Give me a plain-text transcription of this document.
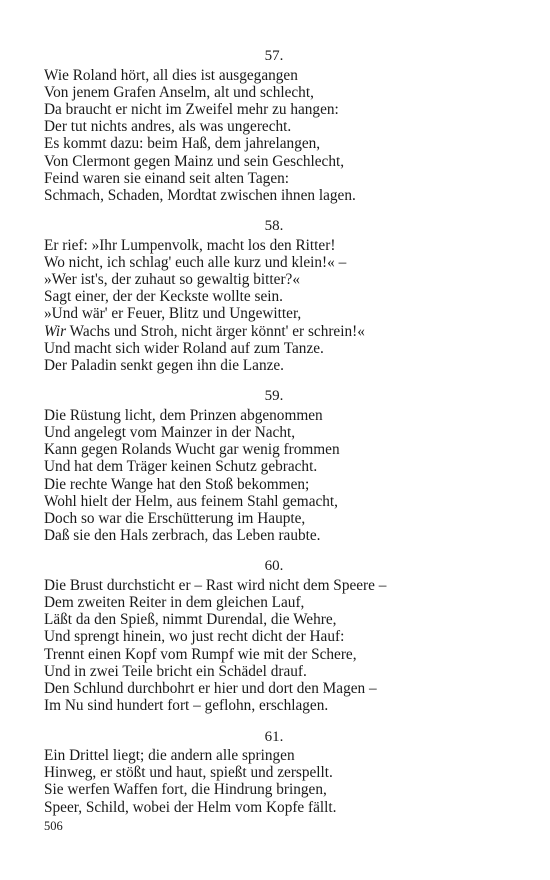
57.
Wie Roland hört, all dies ist ausgegangen
Von jenem Grafen Anselm, alt und schlecht,
Da braucht er nicht im Zweifel mehr zu hangen:
Der tut nichts andres, als was ungerecht.
Es kommt dazu: beim Haß, dem jahrelangen,
Von Clermont gegen Mainz und sein Geschlecht,
Feind waren sie einand seit alten Tagen:
Schmach, Schaden, Mordtat zwischen ihnen lagen.
58.
Er rief: »Ihr Lumpenvolk, macht los den Ritter!
Wo nicht, ich schlag' euch alle kurz und klein!« –
»Wer ist's, der zuhaut so gewaltig bitter?«
Sagt einer, der der Keckste wollte sein.
»Und wär' er Feuer, Blitz und Ungewitter,
Wir Wachs und Stroh, nicht ärger könnt' er schrein!«
Und macht sich wider Roland auf zum Tanze.
Der Paladin senkt gegen ihn die Lanze.
59.
Die Rüstung licht, dem Prinzen abgenommen
Und angelegt vom Mainzer in der Nacht,
Kann gegen Rolands Wucht gar wenig frommen
Und hat dem Träger keinen Schutz gebracht.
Die rechte Wange hat den Stoß bekommen;
Wohl hielt der Helm, aus feinem Stahl gemacht,
Doch so war die Erschütterung im Haupte,
Daß sie den Hals zerbrach, das Leben raubte.
60.
Die Brust durchsticht er – Rast wird nicht dem Speere –
Dem zweiten Reiter in dem gleichen Lauf,
Läßt da den Spieß, nimmt Durendal, die Wehre,
Und sprengt hinein, wo just recht dicht der Hauf:
Trennt einen Kopf vom Rumpf wie mit der Schere,
Und in zwei Teile bricht ein Schädel drauf.
Den Schlund durchbohrt er hier und dort den Magen –
Im Nu sind hundert fort – geflohn, erschlagen.
61.
Ein Drittel liegt; die andern alle springen
Hinweg, er stößt und haut, spießt und zerspellt.
Sie werfen Waffen fort, die Hindrung bringen,
Speer, Schild, wobei der Helm vom Kopfe fällt.
506
